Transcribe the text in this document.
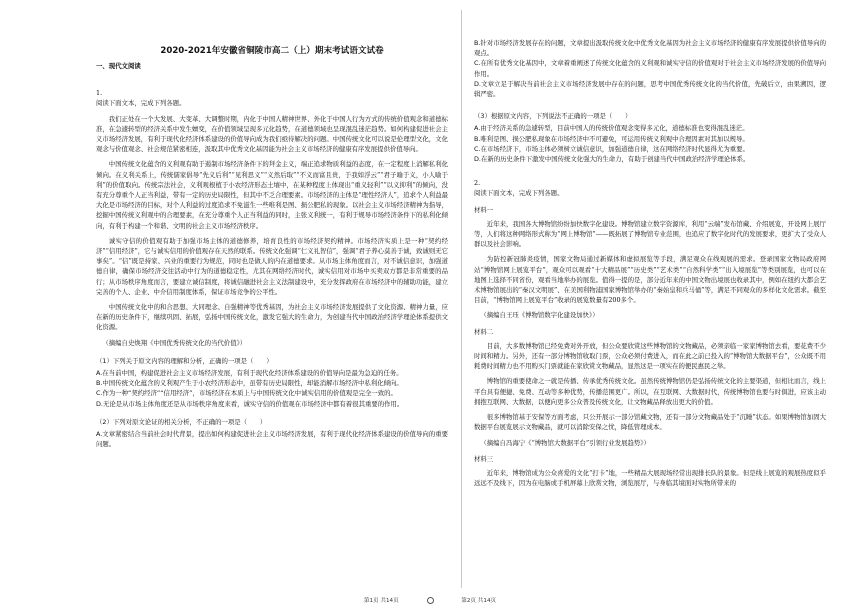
2020-2021年安徽省铜陵市高二（上）期末考试语文试卷
一、现代文阅读
1.

阅读下面文本，完成下列各题。

我们正处在一个大发展、大变革、大调整时期，内化于中国人精神世界、外化于中国人行为方式的传统价值观念和道德标准，在急遽转型的经济关系中发生嬗变，在价值领域呈现多元化趋势，在道德领域也呈现混乱迷茫趋势。如何构建促进社会主义市场经济发展，有利于现代化经济体系建设的价值导向成为我们亟待解决的问题。中国传统文化可以说是伦理型文化，文化观念与价值观念、社会规范紧密相连，汲取其中优秀文化基因能为社会主义市场经济的健康有序发展提供价值导向。

中国传统文化蕴含的义利观有助于遏制市场经济条件下的拜金主义，端正追求物质利益的态度，在一定程度上消解私利化倾向。在义利关系上，传统儒家倡导“先义后利”“见利思义”“义然后取”“不义而富且贵，于我如浮云”“君子喻于义，小人喻于利”的价值取向。传统宗法社会，义利观根植于小农经济形态土壤中，在某种程度上体现出“重义轻利”“以义抑利”的倾向，没有充分尊重个人正当利益，带有一定的历史局限性，但其中不乏合理要素。市场经济的主体是“理性经济人”，追求个人利益最大化是市场经济的目标，对个人利益的过度追求不免滋生一些唯利是图、损公肥私的现象。以社会主义市场经济精神为指导，挖掘中国传统义利观中的合理要素，在充分尊重个人正当利益的同时，主张义利统一，有利于规导市场经济条件下的私利化倾向，有利于构建一个和谐、文明的社会主义市场经济秩序。

诚实守信的价值观有助于加强市场主体的道德修养，培育良性的市场经济契约精神。市场经济实质上是一种“契约经济”“信用经济”，它与诚实信用的价值观存在天然的联系。传统文化强调“仁义礼智信”，强调“君子养心莫善于诚，致诚则无它事矣”。“信”既是持家、兴业的重要行为规范，同时也是做人的内在道德要求。从市场主体角度而言，对不诚信意识，加强道德自律，确保市场经济交往活动中行为的道德稳定性，尤其在网络经济时代，诚实信用对市场中买卖双方都是非常重要的品行；从市场秩序角度而言，要建立诚信制度，将诚信融进社会主义法制建设中，充分发挥政府在市场经济中的辅助功能，建立完善的个人、企业、中介信用制度体系，保证市场竞争的公平性。

中国传统文化中的和合思想、大同理念、自强精神等优秀基因，为社会主义市场经济发展提供了文化资源、精神力量，应在新的历史条件下，继续巩固、拓展，弘扬中国传统文化，激发它强大的生命力，为创建当代中国政治经济学理论体系提供文化资源。

（摘编自史焕翔《中国优秀传统文化的当代价值》）

（1）下列关于原文内容的理解和分析，正确的一项是（　　）

A.在当前中国，构建促进社会主义市场经济发展，有利于现代化经济体系建设的价值导向是最为急迫的任务。

B.中国传统文化蕴含的义利观产生于小农经济形态中，虽带有历史局限性，却能消解市场经济中私利化倾向。

C.作为一种“契约经济”“信用经济”，市场经济在本质上与中国传统文化中诚实信用的价值观是完全一致的。

D.无论是从市场主体角度还是从市场秩序角度来看，诚实守信的价值观在市场经济中都有着很其重要的作用。

（2）下列对原文论证的相关分析，不正确的一项是（　　）

A.文章紧密结合当前社会时代背景，提出如何构建促进社会主义市场经济发展，有利于现代化经济体系建设的价值导向的重要问题。

B.针对市场经济发展存在的问题，文章提出汲取传统文化中优秀文化基因为社会主义市场经济的健康有序发展提供价值导向的观点。

C.在所有优秀文化基因中，文章着重阐述了传统文化蕴含的义利观和诚实守信的价值观对于社会主义市场经济发展的价值导向作用。

D.文章立足于解决当前社会主义市场经济发展中存在的问题，思考中国优秀传统文化的当代价值，先破后立，由果溯因，逻辑严密。

（3）根据原文内容，下列说法不正确的一项是（　　）

A.由于经济关系的急遽转型，目前中国人的传统价值观念变得多元化，道德标准也变得混乱迷茫。

B.唯利是图、损公肥私现象在市场经济中不可避免，可运用传统义利观中合理因素对其加以规导。

C.在市场经济下，市场主体必须树立诚信意识，加强道德自律，这在网络经济时代显得尤为重要。

D.在新的历史条件下激发中国传统文化强大的生命力，有助于创建当代中国政治经济学理论体系。

2.

阅读下面文本，完成下列各题。

材料一

近年来，我国各大博物馆纷纷加快数字化建设。博物馆建立数字资源库，利用“云端”发布馆藏、介绍展览，开设网上展厅等，人们将这种网络形式称为“网上博物馆”——既拓展了博物馆专业范围，也追应了数字化时代的发展要求，更扩大了受众人群以及社会影响。

为防控新冠肺炎疫情，国家文物局通过新媒体和虚拟展览等手段，满足观众在线观展的需求。登录国家文物局政府网站“博物馆网上展览平台”，观众可以观看“十大精品展”“历史类”“艺术类”“自然科学类”“出入境展览”等类别展览，也可以在地图上选择不同省份，观看当地举办的展览。值得一提的是，部分近年来的中国文物出境展也收录其中，例如在纽约大都会艺术博物馆展出的“秦汉文明展”、在美国利物浦国家博物馆举办的“秦始皇和兵马俑”等，满足不同观众的多样化文化需求。截至目前，“博物馆网上展览平台”收录的展览数量有200多个。

（摘编自王珏《博物馆数字化建设加快》）

材料二

目前，大多数博物馆已经免费对外开放，但公众要欣赏这些博物馆的文物藏品，必须亲临一家家博物馆去看，要花费不少时间和精力。另外，还有一部分博物馆收取门票，公众必须付费进入，而在此之前已投入的“博物馆大数据平台”，公众既不用耗费时间精力也不用购买门票就能在家欣赏文物藏品，显然这是一项实在的便民惠民之举。

博物馆的重要使命之一就是传播、传承优秀传统文化。虽然传统博物馆仍是弘扬传统文化的主要渠道，但相比而言，线上平台具有便捷、免费、互动等多种优势，传播范围更广。所以，在互联网、大数据时代，传统博物馆也要与时俱进，应该主动拥抱互联网、大数据，以便向更多公众普及传统文化，让文物藏品释放出更大的价值。

很多博物馆基于安保等方面考虑，只公开展示一部分馆藏文物，还有一部分文物藏品处于“沉睡”状态。如果博物馆加固大数据平台展览展示文物藏品，就可以消除安保之忧，降低管理成本。

（摘编自冯海宁《“博物馆大数据平台”引领行业发展趋势》）

材料三

近年来，博物馆成为公众喜爱的文化“打卡”地，一些精品大展现场经常出现排长队的景象。但是线上展览的观展热度似乎远远不及线下，因为在电脑或手机屏幕上欣赏文物，浏览展厅，与身临其境面对实物所带来的

第1页 共14页	第2页 共14页
